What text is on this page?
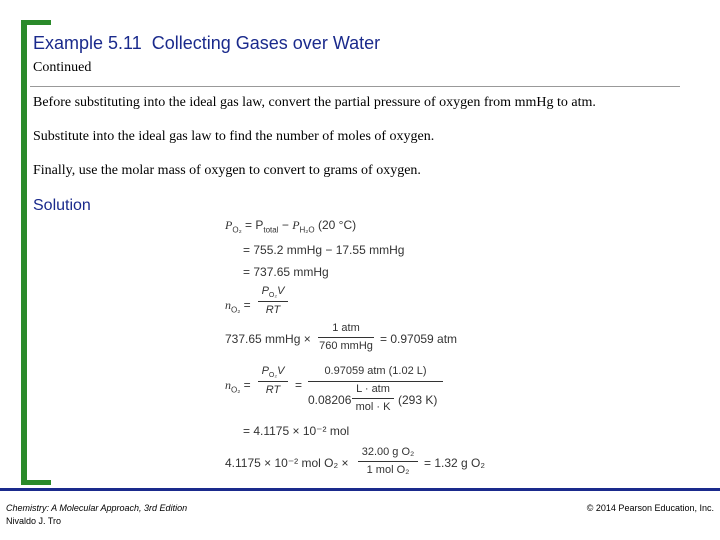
Example 5.11  Collecting Gases over Water
Continued
Before substituting into the ideal gas law, convert the partial pressure of oxygen from mmHg to atm.
Substitute into the ideal gas law to find the number of moles of oxygen.
Finally, use the molar mass of oxygen to convert to grams of oxygen.
Solution
$P_{O_2} = P_{total} - P_{H_2O}$ (20 °C)
= 755.2 mmHg − 17.55 mmHg
= 737.65 mmHg
$n_{O_2}$ =
$P_{O_2}V$
RT
737.65 mmHg ×
1 atm
760 mmHg = 0.97059 atm
$n_{O_2}$ =
$P_{O_2}V$
RT	=
0.97059 atm (1.02 L)
0.08206
L · atm
mol · K (293 K)
= 4.1175 × 10⁻² mol
4.1175 × 10⁻² mol O₂ ×
32.00 g O₂
1 mol O₂	= 1.32 g O₂
Chemistry: A Molecular Approach, 3rd Edition
Nivaldo J. Tro
© 2014 Pearson Education, Inc.
